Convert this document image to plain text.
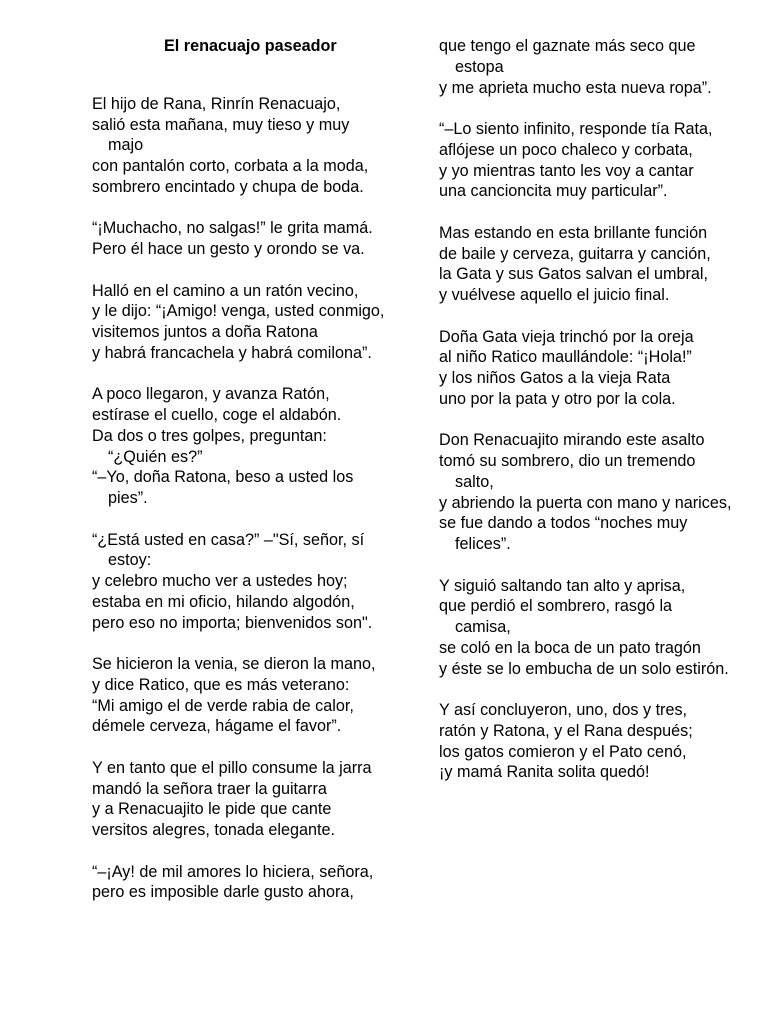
El renacuajo paseador
El hijo de Rana, Rinrín Renacuajo,
salió esta mañana, muy tieso y muy
majo
con pantalón corto, corbata a la moda,
sombrero encintado y chupa de boda.
“¡Muchacho, no salgas!” le grita mamá.
Pero él hace un gesto y orondo se va.
Halló en el camino a un ratón vecino,
y le dijo: “¡Amigo! venga, usted conmigo,
visitemos juntos a doña Ratona
y habrá francachela y habrá comilona”.
A poco llegaron, y avanza Ratón,
estírase el cuello, coge el aldabón.
Da dos o tres golpes, preguntan:
“¿Quién es?”
“–Yo, doña Ratona, beso a usted los
pies”.
“¿Está usted en casa?” –"Sí, señor, sí
estoy:
y celebro mucho ver a ustedes hoy;
estaba en mi oficio, hilando algodón,
pero eso no importa; bienvenidos son".
Se hicieron la venia, se dieron la mano,
y dice Ratico, que es más veterano:
“Mi amigo el de verde rabia de calor,
démele cerveza, hágame el favor”.
Y en tanto que el pillo consume la jarra
mandó la señora traer la guitarra
y a Renacuajito le pide que cante
versitos alegres, tonada elegante.
“–¡Ay! de mil amores lo hiciera, señora,
pero es imposible darle gusto ahora,
que tengo el gaznate más seco que
estopa
y me aprieta mucho esta nueva ropa”.
“–Lo siento infinito, responde tía Rata,
aflójese un poco chaleco y corbata,
y yo mientras tanto les voy a cantar
una cancioncita muy particular”.
Mas estando en esta brillante función
de baile y cerveza, guitarra y canción,
la Gata y sus Gatos salvan el umbral,
y vuélvese aquello el juicio final.
Doña Gata vieja trinchó por la oreja
al niño Ratico maullándole: “¡Hola!”
y los niños Gatos a la vieja Rata
uno por la pata y otro por la cola.
Don Renacuajito mirando este asalto
tomó su sombrero, dio un tremendo
salto,
y abriendo la puerta con mano y narices,
se fue dando a todos “noches muy
felices”.
Y siguió saltando tan alto y aprisa,
que perdió el sombrero, rasgó la
camisa,
se coló en la boca de un pato tragón
y éste se lo embucha de un solo estirón.
Y así concluyeron, uno, dos y tres,
ratón y Ratona, y el Rana después;
los gatos comieron y el Pato cenó,
¡y mamá Ranita solita quedó!
